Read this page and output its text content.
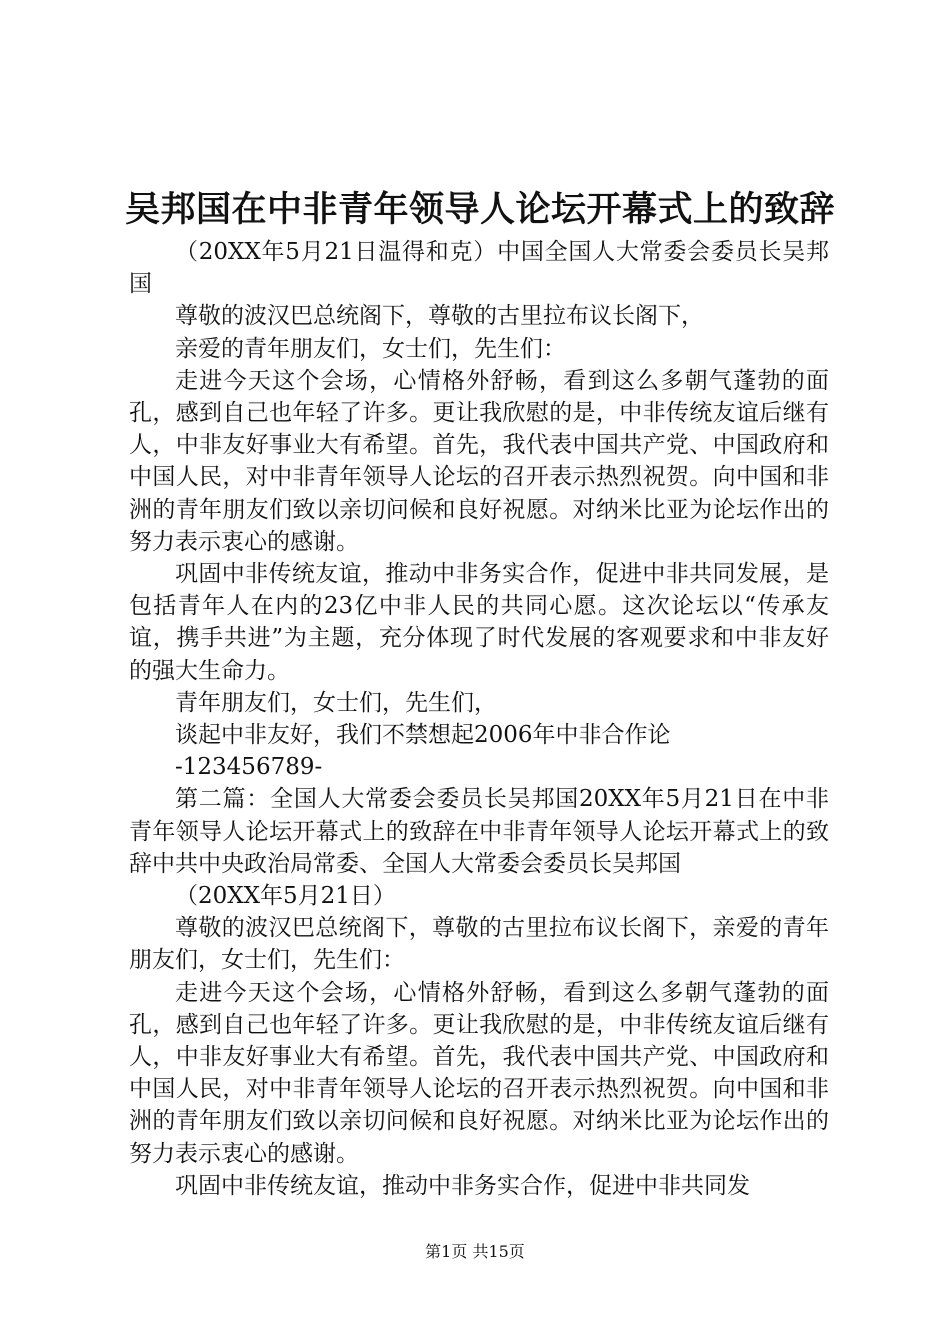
吴邦国在中非青年领导人论坛开幕式上的致辞

（20XX年5月21日温得和克）中国全国人大常委会委员长吴邦国

尊敬的波汉巴总统阁下，尊敬的古里拉布议长阁下，

亲爱的青年朋友们，女士们，先生们：

走进今天这个会场，心情格外舒畅，看到这么多朝气蓬勃的面孔，感到自己也年轻了许多。更让我欣慰的是，中非传统友谊后继有人，中非友好事业大有希望。首先，我代表中国共产党、中国政府和中国人民，对中非青年领导人论坛的召开表示热烈祝贺。向中国和非洲的青年朋友们致以亲切问候和良好祝愿。对纳米比亚为论坛作出的努力表示衷心的感谢。

巩固中非传统友谊，推动中非务实合作，促进中非共同发展，是包括青年人在内的23亿中非人民的共同心愿。这次论坛以“传承友谊，携手共进”为主题，充分体现了时代发展的客观要求和中非友好的强大生命力。

青年朋友们，女士们，先生们，

谈起中非友好，我们不禁想起2006年中非合作论

-123456789-

第二篇：全国人大常委会委员长吴邦国20XX年5月21日在中非青年领导人论坛开幕式上的致辞在中非青年领导人论坛开幕式上的致辞中共中央政治局常委、全国人大常委会委员长吴邦国

（20XX年5月21日）

尊敬的波汉巴总统阁下，尊敬的古里拉布议长阁下，亲爱的青年朋友们，女士们，先生们：

走进今天这个会场，心情格外舒畅，看到这么多朝气蓬勃的面孔，感到自己也年轻了许多。更让我欣慰的是，中非传统友谊后继有人，中非友好事业大有希望。首先，我代表中国共产党、中国政府和中国人民，对中非青年领导人论坛的召开表示热烈祝贺。向中国和非洲的青年朋友们致以亲切问候和良好祝愿。对纳米比亚为论坛作出的努力表示衷心的感谢。

巩固中非传统友谊，推动中非务实合作，促进中非共同发

第1页 共15页
